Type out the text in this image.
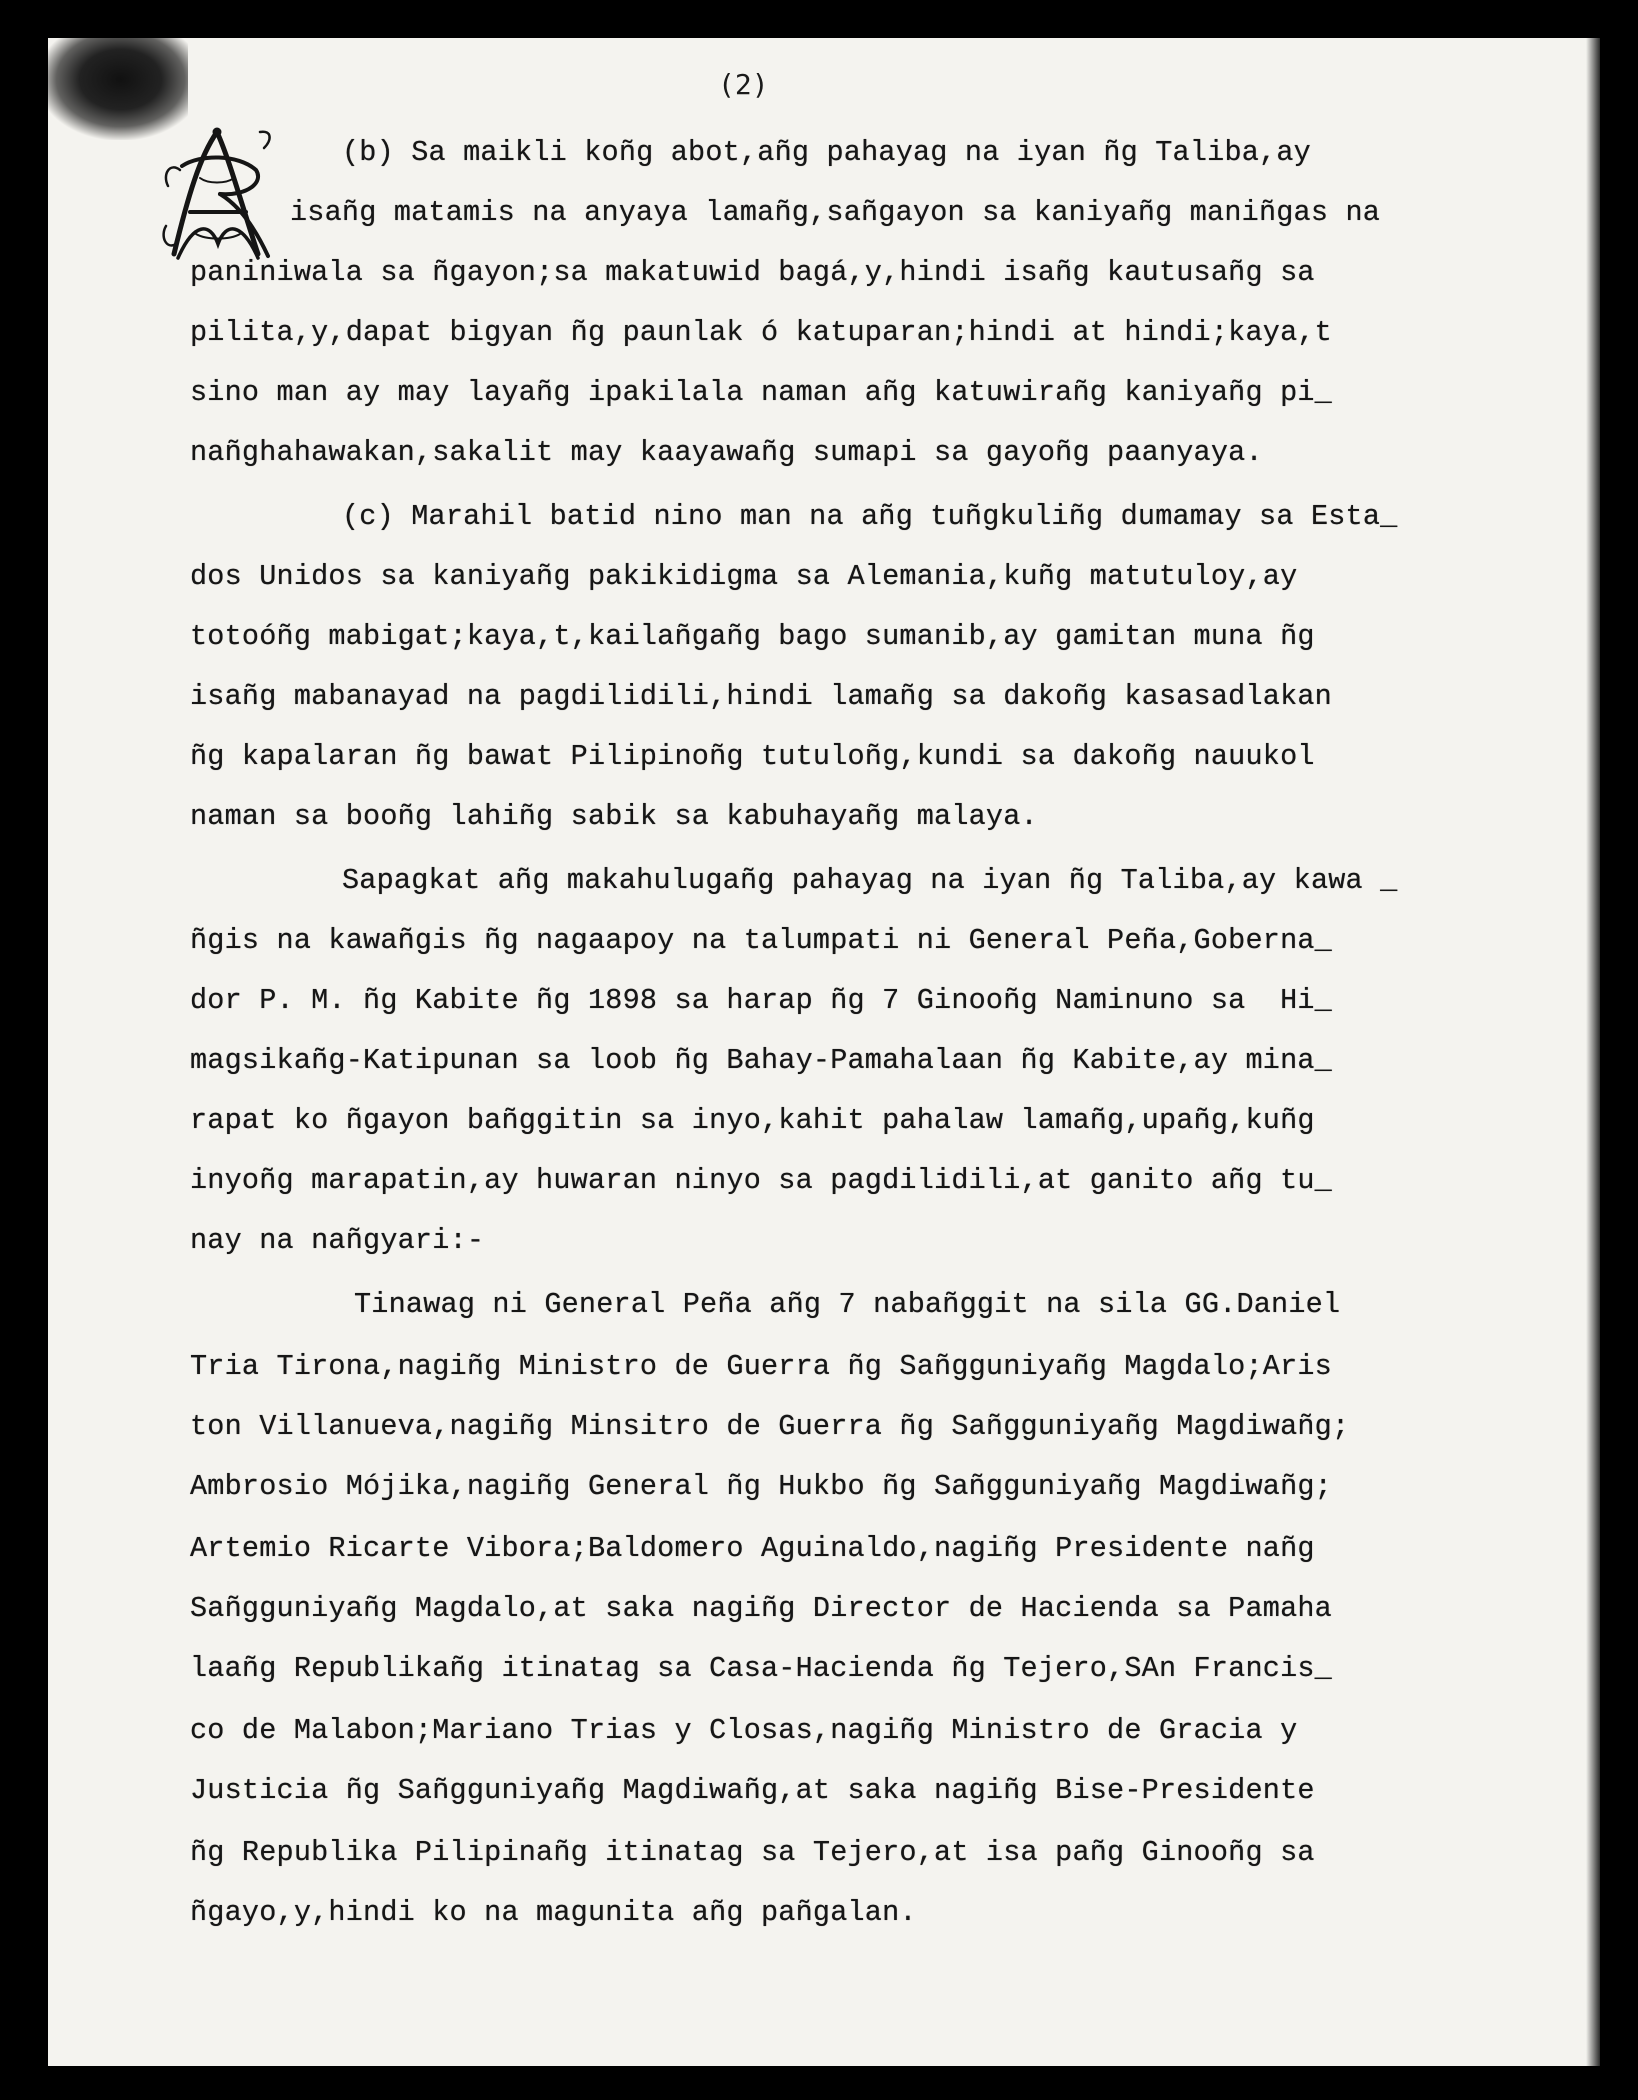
(2)
(b) Sa maikli koñg abot,añg pahayag na iyan ñg Taliba,ay
isañg matamis na anyaya lamañg,sañgayon sa kaniyañg maniñgas na
paniniwala sa ñgayon;sa makatuwid bagá,y,hindi isañg kautusañg sa
pilita,y,dapat bigyan ñg paunlak ó katuparan;hindi at hindi;kaya,t
sino man ay may layañg ipakilala naman añg katuwirañg kaniyañg pi_
nañghahawakan,sakalit may kaayawañg sumapi sa gayoñg paanyaya.
(c) Marahil batid nino man na añg tuñgkuliñg dumamay sa Esta_
dos Unidos sa kaniyañg pakikidigma sa Alemania,kuñg matutuloy,ay
totoóñg mabigat;kaya,t,kailañgañg bago sumanib,ay gamitan muna ñg
isañg mabanayad na pagdilidili,hindi lamañg sa dakoñg kasasadlakan
ñg kapalaran ñg bawat Pilipinoñg tutuloñg,kundi sa dakoñg nauukol
naman sa booñg lahiñg sabik sa kabuhayañg malaya.
Sapagkat añg makahulugañg pahayag na iyan ñg Taliba,ay kawa _
ñgis na kawañgis ñg nagaapoy na talumpati ni General Peña,Goberna_
dor P. M. ñg Kabite ñg 1898 sa harap ñg 7 Ginooñg Naminuno sa  Hi_
magsikañg-Katipunan sa loob ñg Bahay-Pamahalaan ñg Kabite,ay mina_
rapat ko ñgayon bañggitin sa inyo,kahit pahalaw lamañg,upañg,kuñg
inyoñg marapatin,ay huwaran ninyo sa pagdilidili,at ganito añg tu_
nay na nañgyari:-
Tinawag ni General Peña añg 7 nabañggit na sila GG.Daniel
Tria Tirona,nagiñg Ministro de Guerra ñg Sañgguniyañg Magdalo;Aris
ton Villanueva,nagiñg Minsitro de Guerra ñg Sañgguniyañg Magdiwañg;
Ambrosio Mójika,nagiñg General ñg Hukbo ñg Sañgguniyañg Magdiwañg;
Artemio Ricarte Vibora;Baldomero Aguinaldo,nagiñg Presidente nañg
Sañgguniyañg Magdalo,at saka nagiñg Director de Hacienda sa Pamaha
laañg Republikañg itinatag sa Casa-Hacienda ñg Tejero,SAn Francis_
co de Malabon;Mariano Trias y Closas,nagiñg Ministro de Gracia y
Justicia ñg Sañgguniyañg Magdiwañg,at saka nagiñg Bise-Presidente
ñg Republika Pilipinañg itinatag sa Tejero,at isa pañg Ginooñg sa
ñgayo,y,hindi ko na magunita añg pañgalan.
